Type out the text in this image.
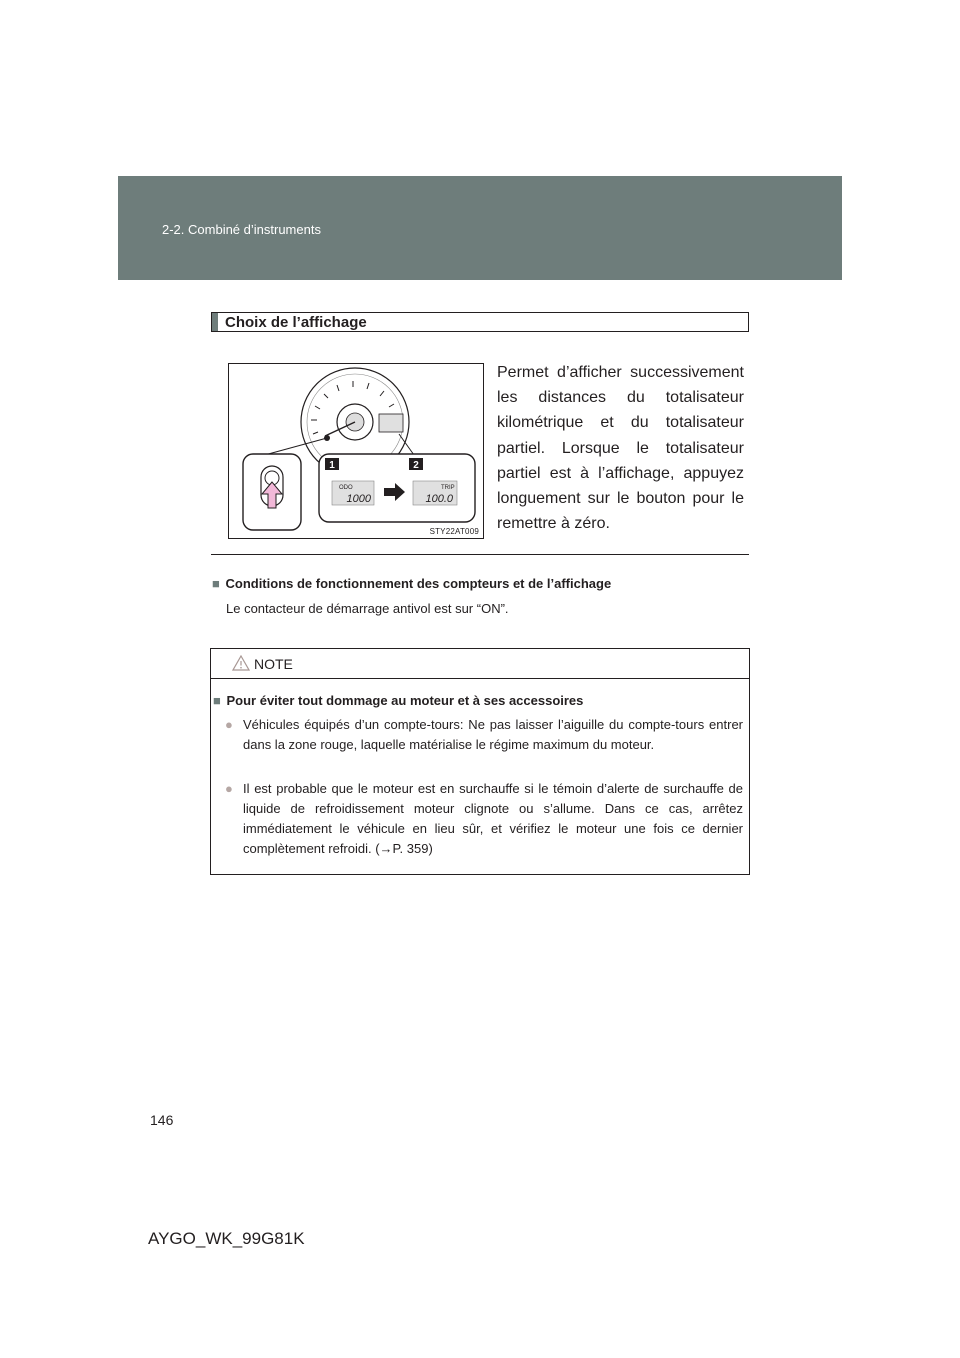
2-2. Combiné d’instruments
Choix de l’affichage
1	2
ODO
1000
TRIP
100.0
STY22AT009
Permet d’afficher successivement les distances du totalisateur kilométrique et du totalisateur partiel. Lorsque le totalisateur partiel est à l’affichage, appuyez longuement sur le bouton pour le remettre à zéro.
■ Conditions de fonctionnement des compteurs et de l’affichage
Le contacteur de démarrage antivol est sur “ON”.
NOTE
■ Pour éviter tout dommage au moteur et à ses accessoires
● Véhicules équipés d’un compte-tours: Ne pas laisser l’aiguille du compte-tours entrer dans la zone rouge, laquelle matérialise le régime maximum du moteur.
● Il est probable que le moteur est en surchauffe si le témoin d’alerte de surchauffe de liquide de refroidissement moteur clignote ou s’allume. Dans ce cas, arrêtez immédiatement le véhicule en lieu sûr, et vérifiez le moteur une fois ce dernier complètement refroidi. (→P. 359)
146
AYGO_WK_99G81K
